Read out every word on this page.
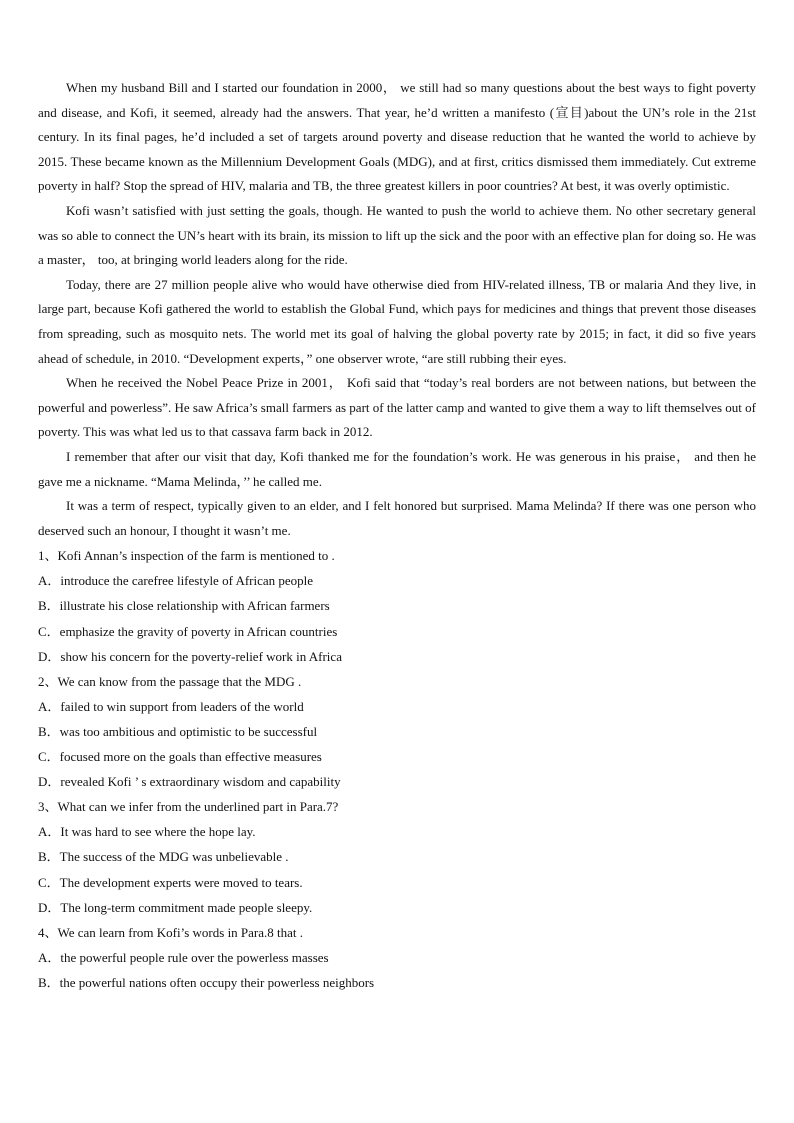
When my husband Bill and I started our foundation in 2000， we still had so many questions about the best ways to fight poverty and disease, and Kofi, it seemed, already had the answers. That year, he’d written a manifesto (宣目)about the UN’s role in the 21st century. In its final pages, he’d included a set of targets around poverty and disease reduction that he wanted the world to achieve by 2015. These became known as the Millennium Development Goals (MDG), and at first, critics dismissed them immediately. Cut extreme poverty in half? Stop the spread of HIV, malaria and TB, the three greatest killers in poor countries? At best, it was overly optimistic.

Kofi wasn’t satisfied with just setting the goals, though. He wanted to push the world to achieve them. No other secretary general was so able to connect the UN’s heart with its brain, its mission to lift up the sick and the poor with an effective plan for doing so. He was a master， too, at bringing world leaders along for the ride.

Today, there are 27 million people alive who would have otherwise died from HIV-related illness, TB or malaria And they live, in large part, because Kofi gathered the world to establish the Global Fund, which pays for medicines and things that prevent those diseases from spreading, such as mosquito nets. The world met its goal of halving the global poverty rate by 2015; in fact, it did so five years ahead of schedule, in 2010. “Development experts，” one observer wrote, “are still rubbing their eyes.

When he received the Nobel Peace Prize in 2001， Kofi said that “today’s real borders are not between nations, but between the powerful and powerless”. He saw Africa’s small farmers as part of the latter camp and wanted to give them a way to lift themselves out of poverty. This was what led us to that cassava farm back in 2012.

I remember that after our visit that day, Kofi thanked me for the foundation’s work. He was generous in his praise， and then he gave me a nickname. “Mama Melinda，’’ he called me.

It was a term of respect, typically given to an elder, and I felt honored but surprised. Mama Melinda? If there was one person who deserved such an honour, I thought it wasn’t me.

1、Kofi Annan’s inspection of the farm is mentioned to .

A．introduce the carefree lifestyle of African people

B．illustrate his close relationship with African farmers

C．emphasize the gravity of poverty in African countries

D．show his concern for the poverty-relief work in Africa

2、We can know from the passage that the MDG .

A．failed to win support from leaders of the world

B．was too ambitious and optimistic to be successful

C．focused more on the goals than effective measures

D．revealed Kofi ’ s extraordinary wisdom and capability

3、What can we infer from the underlined part in Para.7?

A．It was hard to see where the hope lay.

B．The success of the MDG was unbelievable .

C．The development experts were moved to tears.

D．The long-term commitment made people sleepy.

4、We can learn from Kofi’s words in Para.8 that .

A．the powerful people rule over the powerless masses

B．the powerful nations often occupy their powerless neighbors
